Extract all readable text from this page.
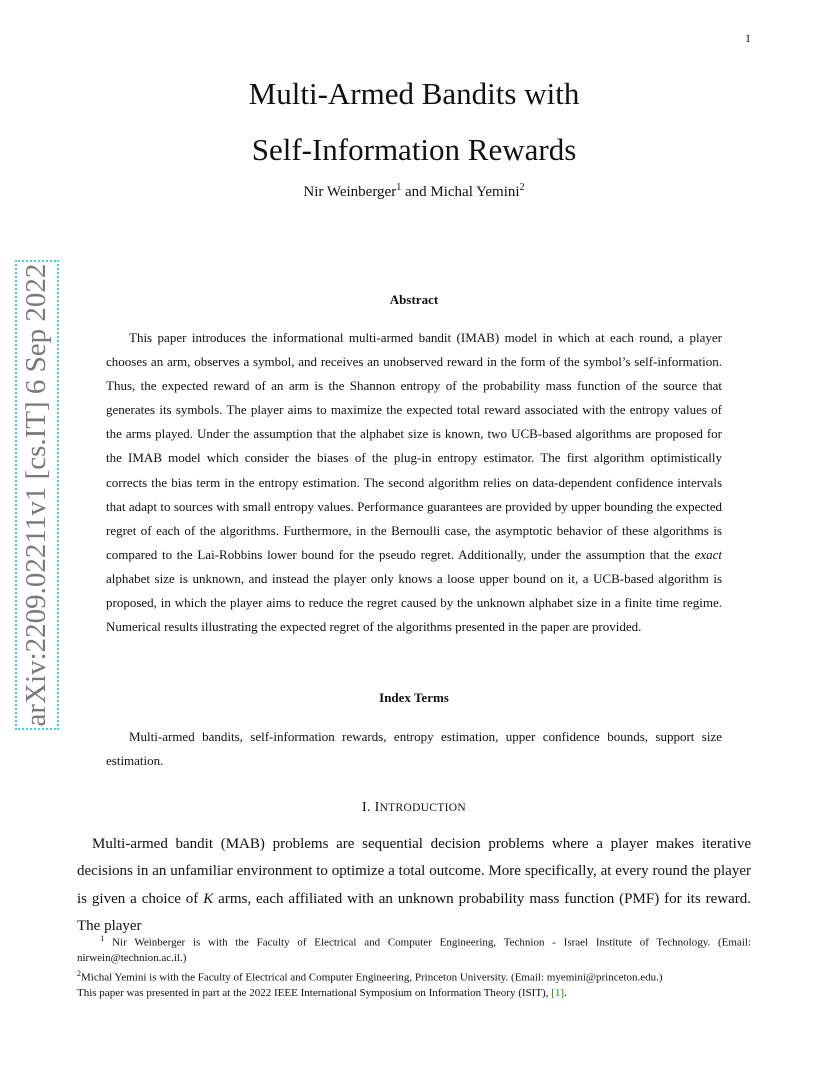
1
arXiv:2209.02211v1 [cs.IT] 6 Sep 2022
Multi-Armed Bandits with
Self-Information Rewards
Nir Weinberger$^1$ and Michal Yemini$^2$
Abstract

This paper introduces the informational multi-armed bandit (IMAB) model in which at each round, a player chooses an arm, observes a symbol, and receives an unobserved reward in the form of the symbol’s self-information. Thus, the expected reward of an arm is the Shannon entropy of the probability mass function of the source that generates its symbols. The player aims to maximize the expected total reward associated with the entropy values of the arms played. Under the assumption that the alphabet size is known, two UCB-based algorithms are proposed for the IMAB model which consider the biases of the plug-in entropy estimator. The first algorithm optimistically corrects the bias term in the entropy estimation. The second algorithm relies on data-dependent confidence intervals that adapt to sources with small entropy values. Performance guarantees are provided by upper bounding the expected regret of each of the algorithms. Furthermore, in the Bernoulli case, the asymptotic behavior of these algorithms is compared to the Lai-Robbins lower bound for the pseudo regret. Additionally, under the assumption that the exact alphabet size is unknown, and instead the player only knows a loose upper bound on it, a UCB-based algorithm is proposed, in which the player aims to reduce the regret caused by the unknown alphabet size in a finite time regime. Numerical results illustrating the expected regret of the algorithms presented in the paper are provided.

Index Terms

Multi-armed bandits, self-information rewards, entropy estimation, upper confidence bounds, support size estimation.

I. INTRODUCTION

Multi-armed bandit (MAB) problems are sequential decision problems where a player makes iterative decisions in an unfamiliar environment to optimize a total outcome. More specifically, at every round the player is given a choice of K arms, each affiliated with an unknown probability mass function (PMF) for its reward. The player

$^1$ Nir Weinberger is with the Faculty of Electrical and Computer Engineering, Technion - Israel Institute of Technology. (Email: nirwein@technion.ac.il.)

$^2$Michal Yemini is with the Faculty of Electrical and Computer Engineering, Princeton University. (Email: myemini@princeton.edu.)

This paper was presented in part at the 2022 IEEE International Symposium on Information Theory (ISIT), [1].
